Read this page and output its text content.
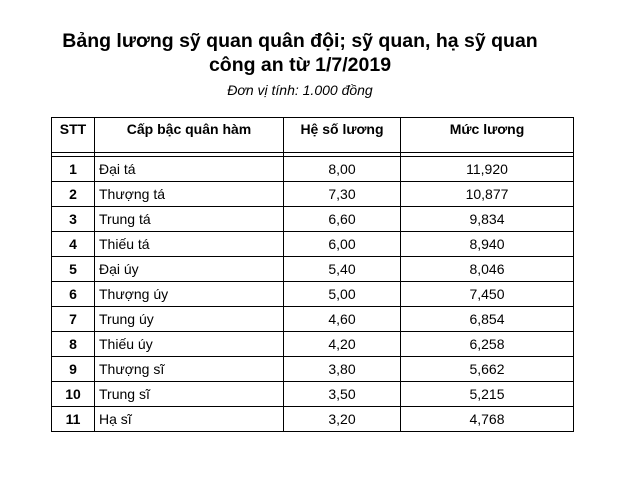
Bảng lương sỹ quan quân đội; sỹ quan, hạ sỹ quan
công an từ 1/7/2019
Đơn vị tính: 1.000 đồng
STT	Cấp bậc quân hàm	Hệ số lương	Mức lương

1	Đại tá	8,00	11,920
2	Thượng tá	7,30	10,877
3	Trung tá	6,60	9,834
4	Thiếu tá	6,00	8,940
5	Đại úy	5,40	8,046
6	Thượng úy	5,00	7,450
7	Trung úy	4,60	6,854
8	Thiếu úy	4,20	6,258
9	Thượng sĩ	3,80	5,662
10	Trung sĩ	3,50	5,215
11	Hạ sĩ	3,20	4,768
